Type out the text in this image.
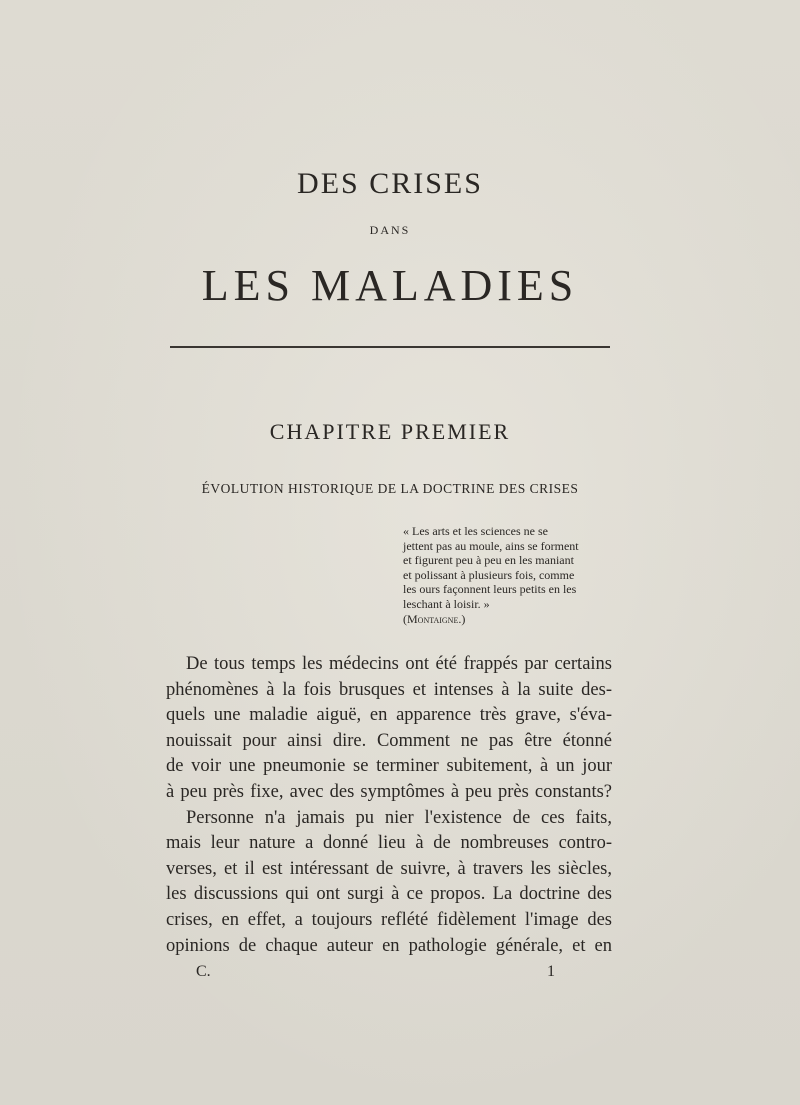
DES CRISES
DANS
LES MALADIES
CHAPITRE PREMIER
ÉVOLUTION HISTORIQUE DE LA DOCTRINE DES CRISES
« Les arts et les sciences ne se
jettent pas au moule, ains se forment
et figurent peu à peu en les maniant
et polissant à plusieurs fois, comme
les ours façonnent leurs petits en les
leschant à loisir. »
(Montaigne.)
De tous temps les médecins ont été frappés par certains
phénomènes à la fois brusques et intenses à la suite des-
quels une maladie aiguë, en apparence très grave, s'éva-
nouissait pour ainsi dire. Comment ne pas être étonné
de voir une pneumonie se terminer subitement, à un jour
à peu près fixe, avec des symptômes à peu près constants?
Personne n'a jamais pu nier l'existence de ces faits,
mais leur nature a donné lieu à de nombreuses contro-
verses, et il est intéressant de suivre, à travers les siècles,
les discussions qui ont surgi à ce propos. La doctrine des
crises, en effet, a toujours reflété fidèlement l'image des
opinions de chaque auteur en pathologie générale, et en
C.	1
